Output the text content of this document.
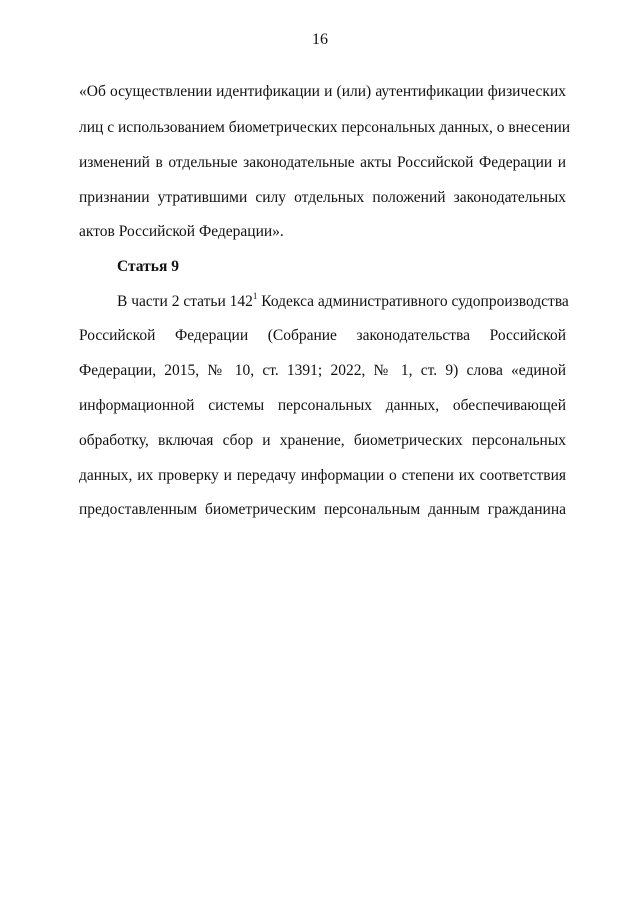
16
«Об осуществлении идентификации и (или) аутентификации физических
лиц с использованием биометрических персональных данных, о внесении
изменений в отдельные законодательные акты Российской Федерации и
признании утратившими силу отдельных положений законодательных
актов Российской Федерации».
Статья 9
В части 2 статьи $142^1$ Кодекса административного судопроизводства
Российской Федерации (Собрание законодательства Российской
Федерации, 2015, № 10, ст. 1391; 2022, № 1, ст. 9) слова «единой
информационной системы персональных данных, обеспечивающей
обработку, включая сбор и хранение, биометрических персональных
данных, их проверку и передачу информации о степени их соответствия
предоставленным биометрическим персональным данным гражданина
